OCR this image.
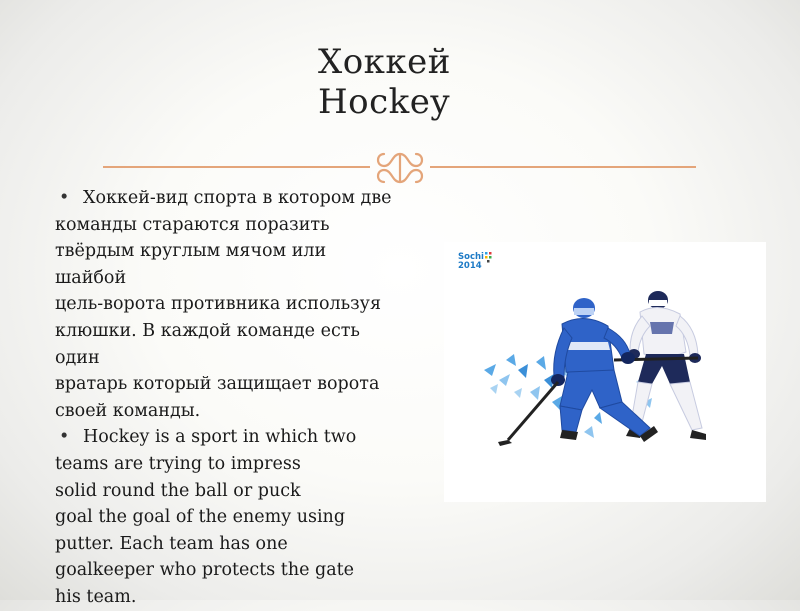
Хоккей
Hockey
• Хоккей-вид спорта в котором две
команды стараются поразить
твёрдым круглым мячом или
шайбой
цель-ворота противника используя
клюшки. В каждой команде есть
один
вратарь который защищает ворота
своей команды.
• Hockey is a sport in which two
teams are trying to impress
solid round the ball or puck
goal the goal of the enemy using
putter. Each team has one
goalkeeper who protects the gate
his team.
Sochi
2014
